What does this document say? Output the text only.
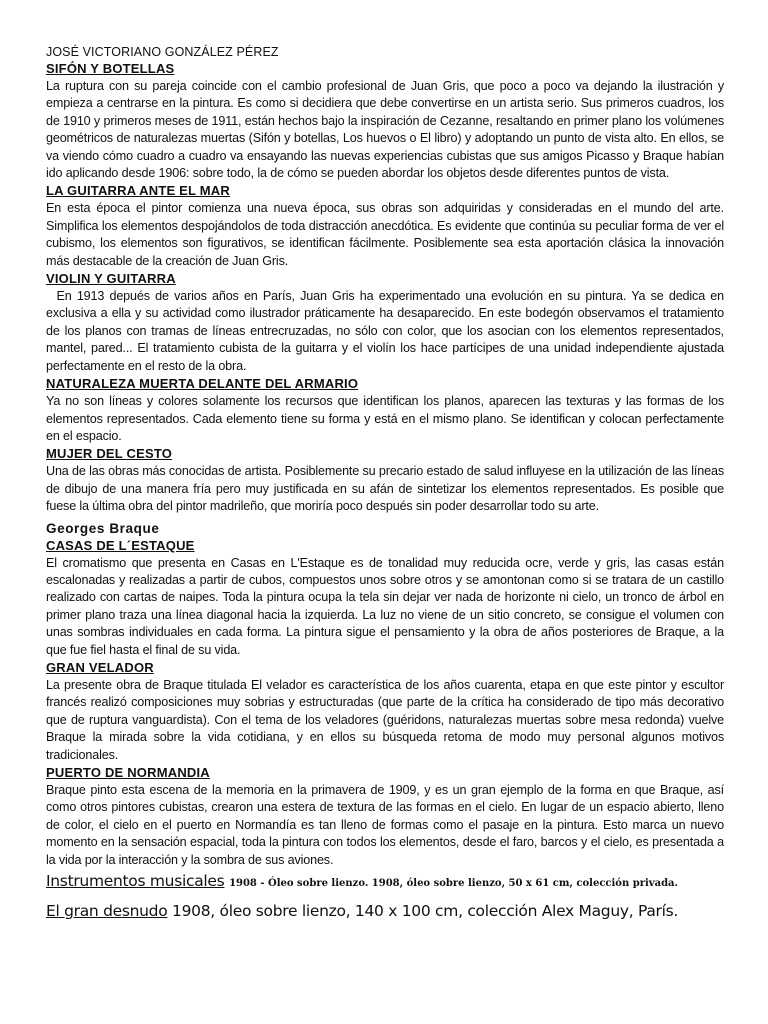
JOSÉ VICTORIANO GONZÁLEZ PÉREZ
SIFÓN Y BOTELLAS

La ruptura con su pareja coincide con el cambio profesional de Juan Gris, que poco a poco va dejando la ilustración y empieza a centrarse en la pintura. Es como si decidiera que debe convertirse en un artista serio. Sus primeros cuadros, los de 1910 y primeros meses de 1911, están hechos bajo la inspiración de Cezanne, resaltando en primer plano los volúmenes geométricos de naturalezas muertas (Sifón y botellas, Los huevos o El libro) y adoptando un punto de vista alto. En ellos, se va viendo cómo cuadro a cuadro va ensayando las nuevas experiencias cubistas que sus amigos Picasso y Braque habían ido aplicando desde 1906: sobre todo, la de cómo se pueden abordar los objetos desde diferentes puntos de vista.

LA GUITARRA ANTE EL MAR

En esta época el pintor comienza una nueva época, sus obras son adquiridas y consideradas en el mundo del arte. Simplifica los elementos despojándolos de toda distracción anecdótica. Es evidente que continúa su peculiar forma de ver el cubismo, los elementos son figurativos, se identifican fácilmente. Posiblemente sea esta aportación clásica la innovación más destacable de la creación de Juan Gris.

VIOLIN Y GUITARRA

En 1913 depués de varios años en París, Juan Gris ha experimentado una evolución en su pintura. Ya se dedica en exclusiva a ella y su actividad como ilustrador práticamente ha desaparecido. En este bodegón observamos el tratamiento de los planos con tramas de líneas entrecruzadas, no sólo con color, que los asocian con los elementos representados, mantel, pared... El tratamiento cubista de la guitarra y el violín los hace partícipes de una unidad independiente ajustada perfectamente en el resto de la obra.

NATURALEZA MUERTA DELANTE DEL ARMARIO

Ya no son líneas y colores solamente los recursos que identifican los planos, aparecen las texturas y las formas de los elementos representados. Cada elemento tiene su forma y está en el mismo plano. Se identifican y colocan perfectamente en el espacio.

MUJER DEL CESTO

Una de las obras más conocidas de artista. Posiblemente su precario estado de salud influyese en la utilización de las líneas de dibujo de una manera fría pero muy justificada en su afán de sintetizar los elementos representados. Es posible que fuese la última obra del pintor madrileño, que moriría poco después sin poder desarrollar todo su arte.

Georges Braque
CASAS DE L´ESTAQUE

El cromatismo que presenta en Casas en L'Estaque es de tonalidad muy reducida ocre, verde y gris, las casas están escalonadas y realizadas a partir de cubos, compuestos unos sobre otros y se amontonan como si se tratara de un castillo realizado con cartas de naipes. Toda la pintura ocupa la tela sin dejar ver nada de horizonte ni cielo, un tronco de árbol en primer plano traza una línea diagonal hacia la izquierda. La luz no viene de un sitio concreto, se consigue el volumen con unas sombras individuales en cada forma. La pintura sigue el pensamiento y la obra de años posteriores de Braque, a la que fue fiel hasta el final de su vida.

GRAN VELADOR

La presente obra de Braque titulada El velador es característica de los años cuarenta, etapa en que este pintor y escultor francés realizó composiciones muy sobrias y estructuradas (que parte de la crítica ha considerado de tipo más decorativo que de ruptura vanguardista). Con el tema de los veladores (guéridons, naturalezas muertas sobre mesa redonda) vuelve Braque la mirada sobre la vida cotidiana, y en ellos su búsqueda retoma de modo muy personal algunos motivos tradicionales.

PUERTO DE NORMANDIA

Braque pinto esta escena de la memoria en la primavera de 1909, y es un gran ejemplo de la forma en que Braque, así como otros pintores cubistas, crearon una estera de textura de las formas en el cielo. En lugar de un espacio abierto, lleno de color, el cielo en el puerto en Normandía es tan lleno de formas como el pasaje en la pintura. Esto marca un nuevo momento en la sensación espacial, toda la pintura con todos los elementos, desde el faro, barcos y el cielo, es presentada a la vida por la interacción y la sombra de sus aviones.

Instrumentos musicales 1908 - Óleo sobre lienzo. 1908, óleo sobre lienzo, 50 x 61 cm, colección privada.
El gran desnudo 1908, óleo sobre lienzo, 140 x 100 cm, colección Alex Maguy, París.
